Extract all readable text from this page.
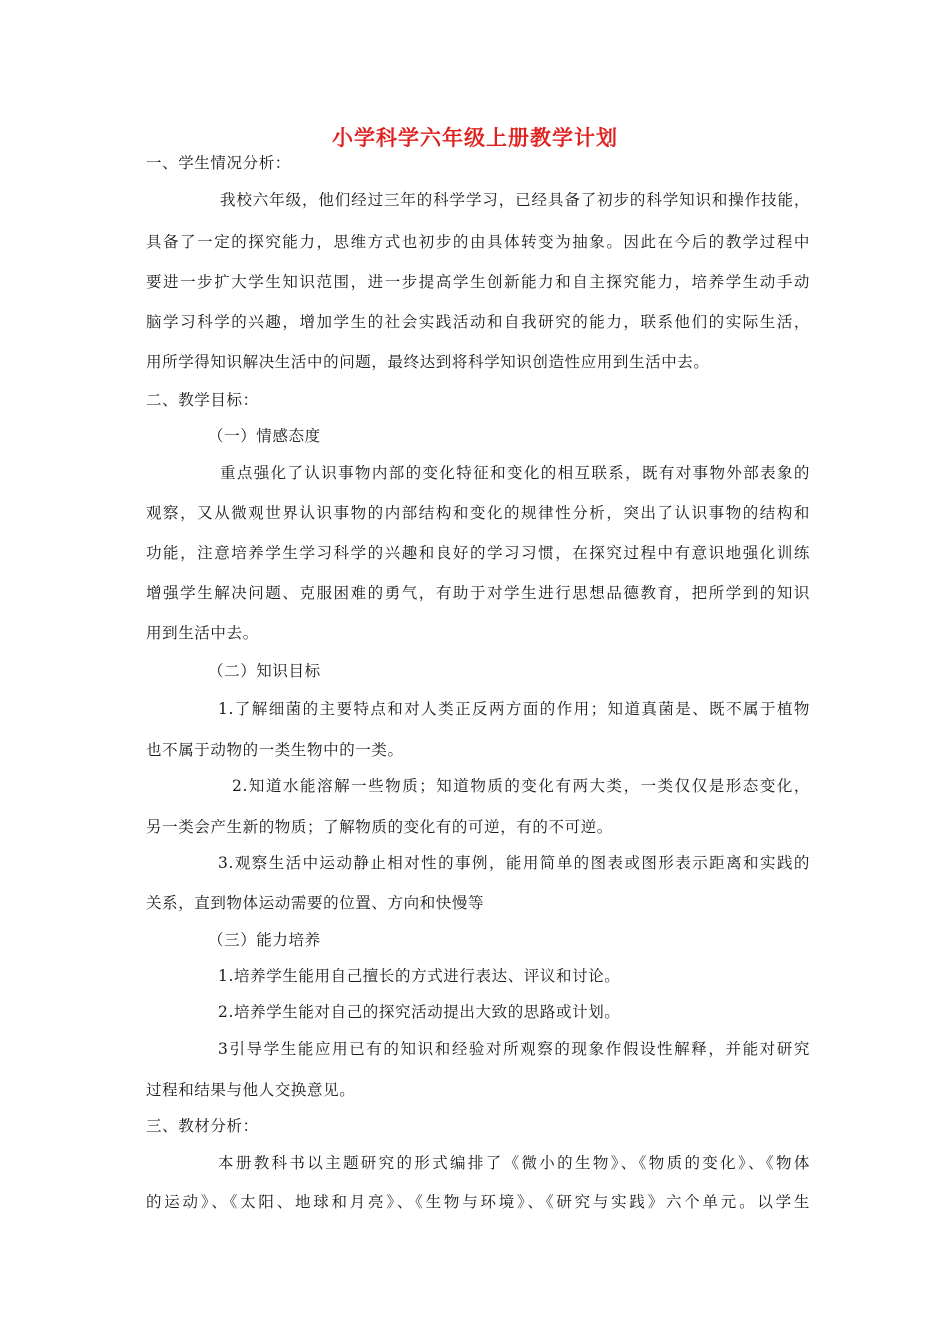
小学科学六年级上册教学计划
一、学生情况分析：
我校六年级，他们经过三年的科学学习，已经具备了初步的科学知识和操作技能，
具备了一定的探究能力，思维方式也初步的由具体转变为抽象。因此在今后的教学过程中
要进一步扩大学生知识范围，进一步提高学生创新能力和自主探究能力，培养学生动手动
脑学习科学的兴趣，增加学生的社会实践活动和自我研究的能力，联系他们的实际生活，
用所学得知识解决生活中的问题，最终达到将科学知识创造性应用到生活中去。
二、教学目标：
（一）情感态度
重点强化了认识事物内部的变化特征和变化的相互联系，既有对事物外部表象的
观察，又从微观世界认识事物的内部结构和变化的规律性分析，突出了认识事物的结构和
功能，注意培养学生学习科学的兴趣和良好的学习习惯，在探究过程中有意识地强化训练
增强学生解决问题、克服困难的勇气，有助于对学生进行思想品德教育，把所学到的知识
用到生活中去。
（二）知识目标
1.了解细菌的主要特点和对人类正反两方面的作用；知道真菌是、既不属于植物
也不属于动物的一类生物中的一类。
2.知道水能溶解一些物质；知道物质的变化有两大类，一类仅仅是形态变化，
另一类会产生新的物质；了解物质的变化有的可逆，有的不可逆。
3.观察生活中运动静止相对性的事例，能用简单的图表或图形表示距离和实践的
关系，直到物体运动需要的位置、方向和快慢等
（三）能力培养
1.培养学生能用自己擅长的方式进行表达、评议和讨论。
2.培养学生能对自己的探究活动提出大致的思路或计划。
3引导学生能应用已有的知识和经验对所观察的现象作假设性解释，并能对研究
过程和结果与他人交换意见。
三、教材分析：
本册教科书以主题研究的形式编排了《微小的生物》、《物质的变化》、《物体
的运动》、《太阳、地球和月亮》、《生物与环境》、《研究与实践》六个单元。以学生
